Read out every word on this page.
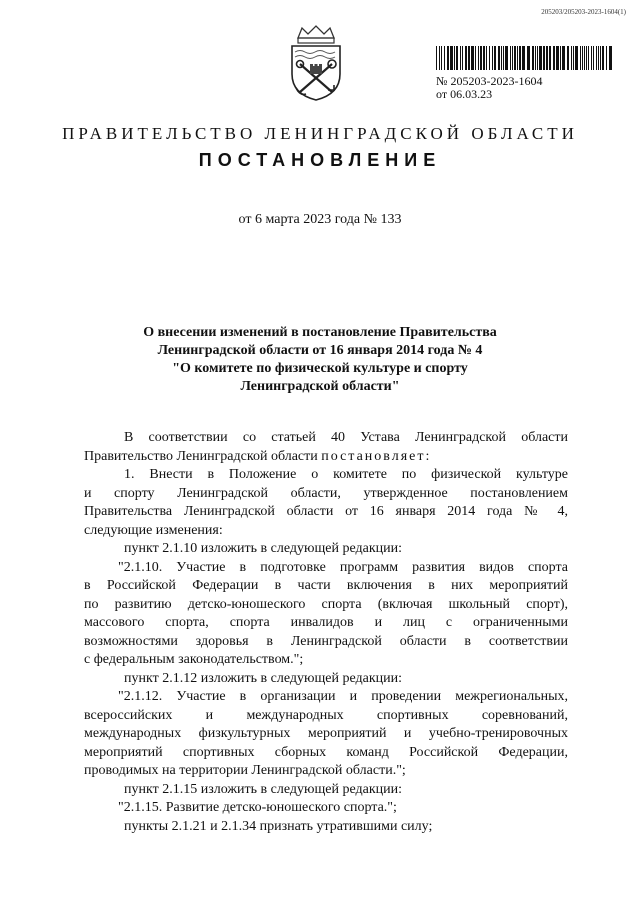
205203/205203-2023-1604(1)
№ 205203-2023-1604
от 06.03.23
ПРАВИТЕЛЬСТВО ЛЕНИНГРАДСКОЙ ОБЛАСТИ
ПОСТАНОВЛЕНИЕ
от 6 марта 2023 года № 133
О внесении изменений в постановление Правительства
Ленинградской области от 16 января 2014 года № 4
"О комитете по физической культуре и спорту
Ленинградской области"
В соответствии со статьей 40 Устава Ленинградской области
Правительство Ленинградской области постановляет:
1. Внести в Положение о комитете по физической культуре
и спорту Ленинградской области, утвержденное постановлением
Правительства Ленинградской области от 16 января 2014 года № 4,
следующие изменения:
пункт 2.1.10 изложить в следующей редакции:
"2.1.10. Участие в подготовке программ развития видов спорта
в Российской Федерации в части включения в них мероприятий
по развитию детско-юношеского спорта (включая школьный спорт),
массового спорта, спорта инвалидов и лиц с ограниченными
возможностями здоровья в Ленинградской области в соответствии
с федеральным законодательством.";
пункт 2.1.12 изложить в следующей редакции:
"2.1.12. Участие в организации и проведении межрегиональных,
всероссийских и международных спортивных соревнований,
международных физкультурных мероприятий и учебно-тренировочных
мероприятий спортивных сборных команд Российской Федерации,
проводимых на территории Ленинградской области.";
пункт 2.1.15 изложить в следующей редакции:
"2.1.15. Развитие детско-юношеского спорта.";
пункты 2.1.21 и 2.1.34 признать утратившими силу;
